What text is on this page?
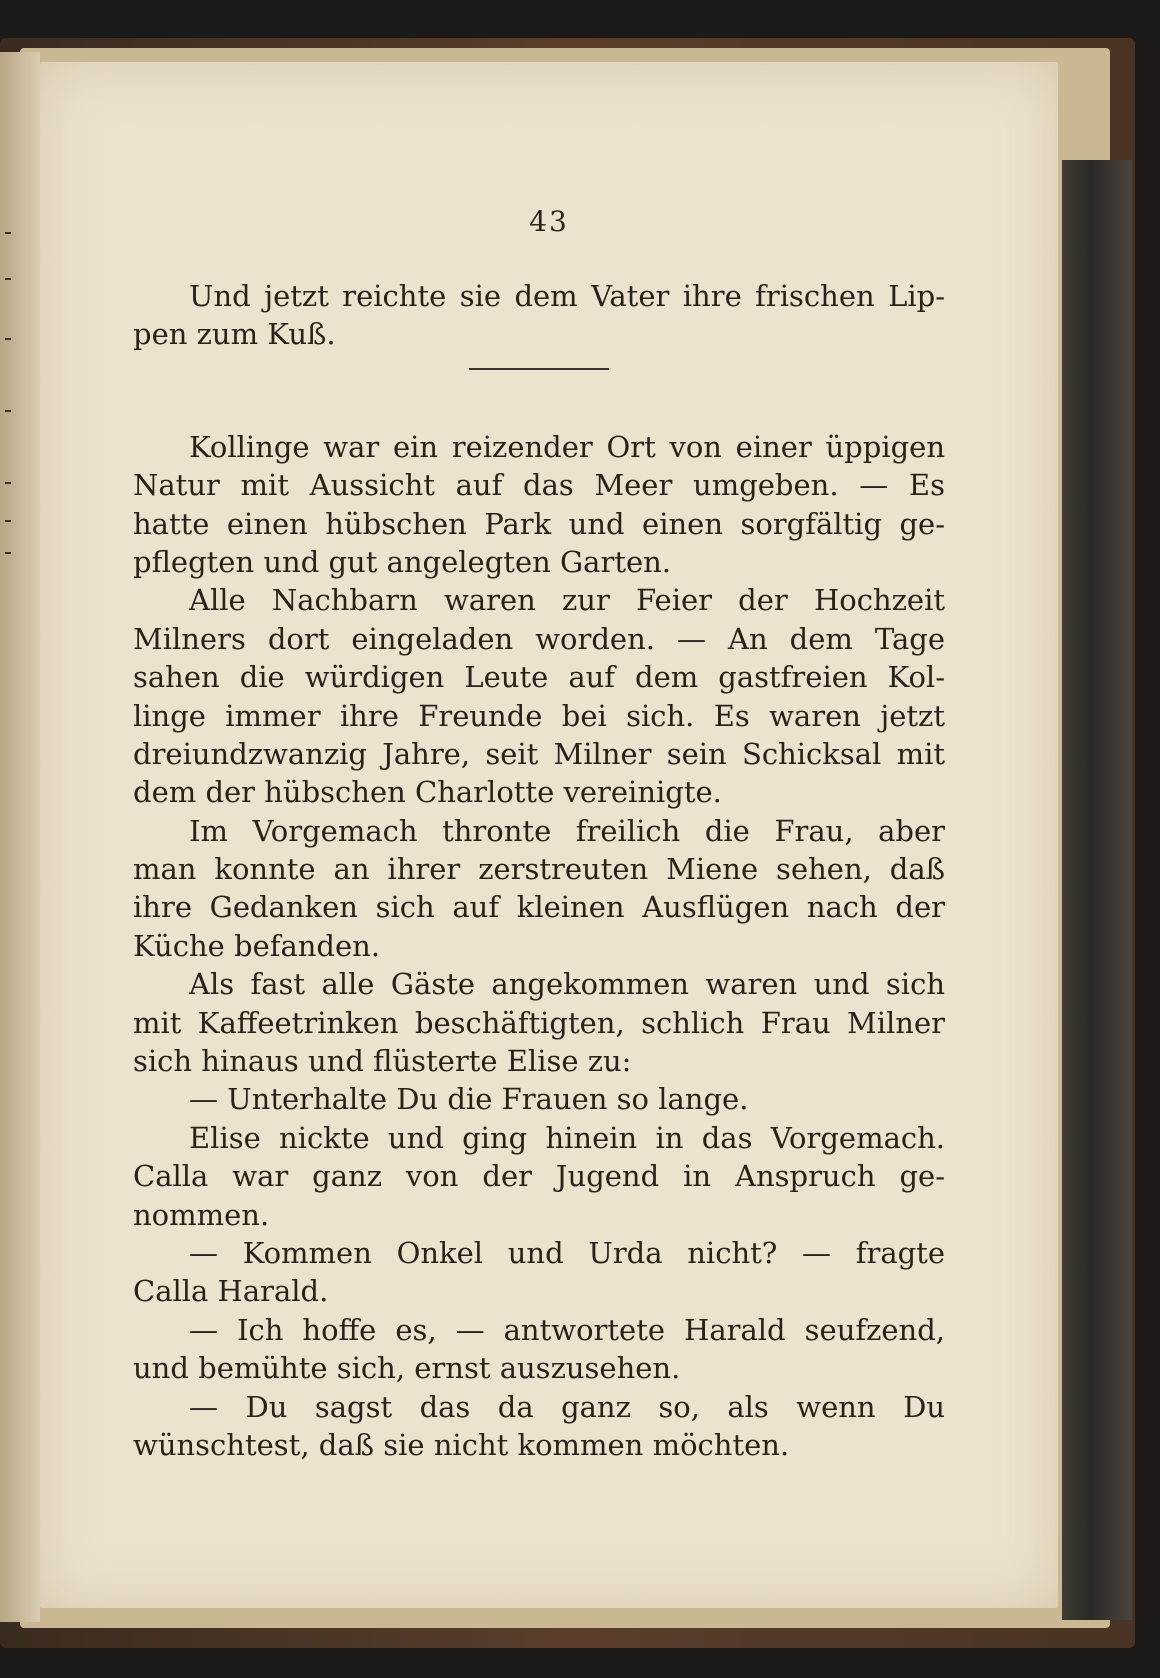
43
Und jetzt reichte sie dem Vater ihre frischen Lip-
pen zum Kuß.
Kollinge war ein reizender Ort von einer üppigen
Natur mit Aussicht auf das Meer umgeben. — Es
hatte einen hübschen Park und einen sorgfältig ge-
pflegten und gut angelegten Garten.
Alle Nachbarn waren zur Feier der Hochzeit
Milners dort eingeladen worden. — An dem Tage
sahen die würdigen Leute auf dem gastfreien Kol-
linge immer ihre Freunde bei sich. Es waren jetzt
dreiundzwanzig Jahre, seit Milner sein Schicksal mit
dem der hübschen Charlotte vereinigte.
Im Vorgemach thronte freilich die Frau, aber
man konnte an ihrer zerstreuten Miene sehen, daß
ihre Gedanken sich auf kleinen Ausflügen nach der
Küche befanden.
Als fast alle Gäste angekommen waren und sich
mit Kaffeetrinken beschäftigten, schlich Frau Milner
sich hinaus und flüsterte Elise zu:
— Unterhalte Du die Frauen so lange.
Elise nickte und ging hinein in das Vorgemach.
Calla war ganz von der Jugend in Anspruch ge-
nommen.
— Kommen Onkel und Urda nicht? — fragte
Calla Harald.
— Ich hoffe es, — antwortete Harald seufzend,
und bemühte sich, ernst auszusehen.
— Du sagst das da ganz so, als wenn Du
wünschtest, daß sie nicht kommen möchten.
